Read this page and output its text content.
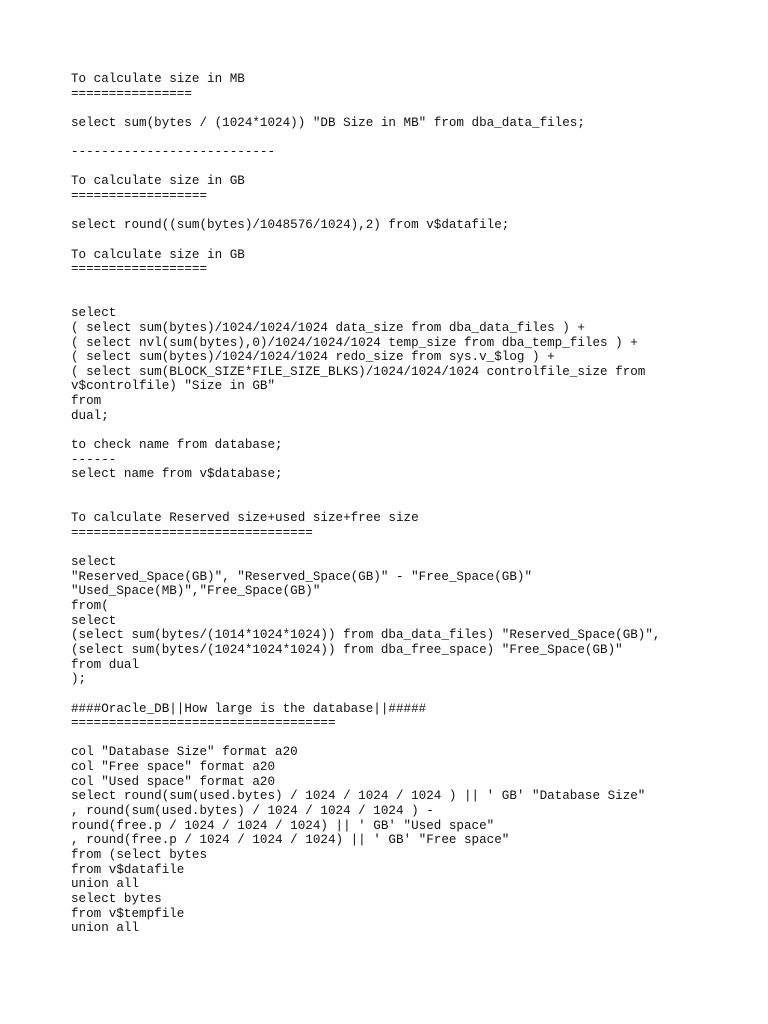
To calculate size in MB
================
select sum(bytes / (1024*1024)) "DB Size in MB" from dba_data_files;
---------------------------
To calculate size in GB
==================
select round((sum(bytes)/1048576/1024),2) from v$datafile;
To calculate size in GB
==================
select
( select sum(bytes)/1024/1024/1024 data_size from dba_data_files ) +
( select nvl(sum(bytes),0)/1024/1024/1024 temp_size from dba_temp_files ) +
( select sum(bytes)/1024/1024/1024 redo_size from sys.v_$log ) +
( select sum(BLOCK_SIZE*FILE_SIZE_BLKS)/1024/1024/1024 controlfile_size from
v$controlfile) "Size in GB"
from
dual;
to check name from database;
------
select name from v$database;
To calculate Reserved size+used size+free size
================================
select
"Reserved_Space(GB)", "Reserved_Space(GB)" - "Free_Space(GB)"
"Used_Space(MB)","Free_Space(GB)"
from(
select
(select sum(bytes/(1014*1024*1024)) from dba_data_files) "Reserved_Space(GB)",
(select sum(bytes/(1024*1024*1024)) from dba_free_space) "Free_Space(GB)"
from dual
);
####Oracle_DB||How large is the database||#####
===================================
col "Database Size" format a20
col "Free space" format a20
col "Used space" format a20
select round(sum(used.bytes) / 1024 / 1024 / 1024 ) || ' GB' "Database Size"
, round(sum(used.bytes) / 1024 / 1024 / 1024 ) -
round(free.p / 1024 / 1024 / 1024) || ' GB' "Used space"
, round(free.p / 1024 / 1024 / 1024) || ' GB' "Free space"
from (select bytes
from v$datafile
union all
select bytes
from v$tempfile
union all
